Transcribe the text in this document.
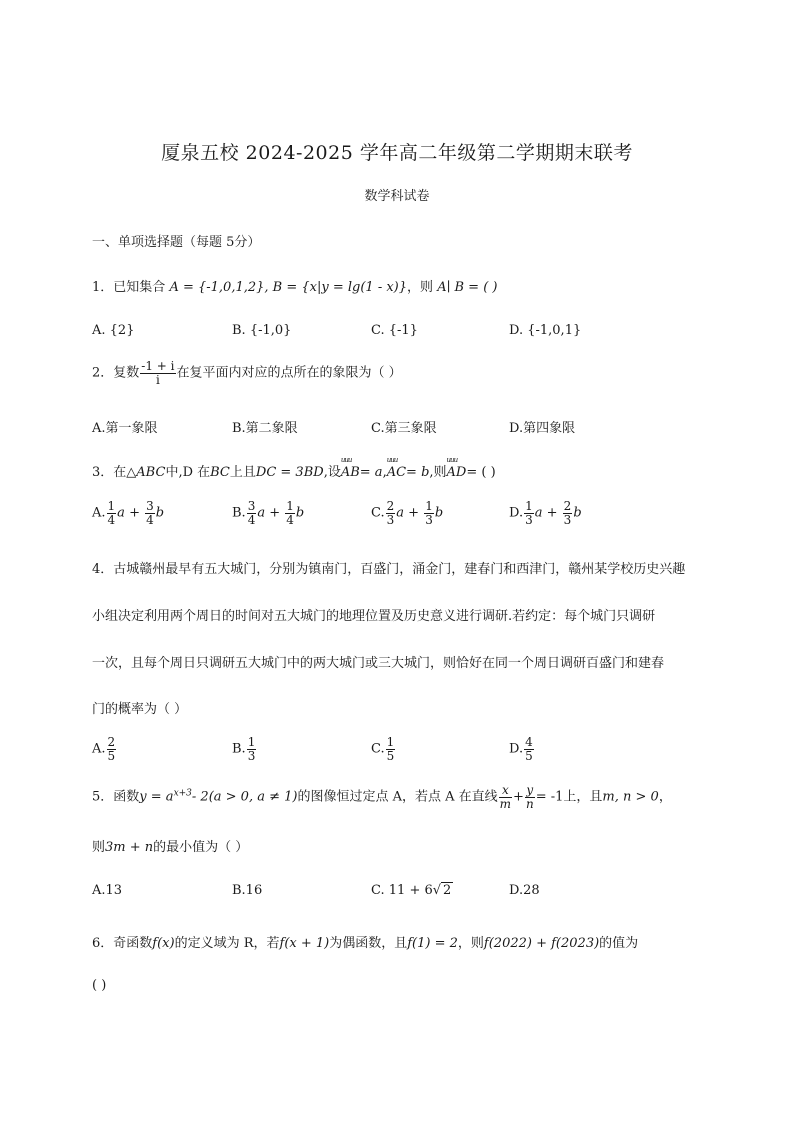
厦泉五校 2024-2025 学年高二年级第二学期期末联考
数学科试卷
一、单项选择题（每题 5分）
1．已知集合 A = {-1,0,1,2}, B = {x|y = lg(1 - x)}，则 A∣ B = ( )
A. {2}	B. {-1,0}	C. {-1}	D. {-1,0,1}
2．复数 $\frac{-1 + i}{i}$ 在复平面内对应的点所在的象限为（ ）
A.第一象限	B.第二象限	C.第三象限	D.第四象限
3．在△ABC中,D 在BC上且DC = 3BD,设uuu AB= a,uuu AC= b,则uuu AD= ( )
A. $\frac{1}{4}$ $a + \frac{3}{4}$ b	B. $\frac{3}{4}$ $a + \frac{1}{4}$ b	C. $\frac{2}{3}$ $a + \frac{1}{3}$ b	D. $\frac{1}{3}$ $a + \frac{2}{3}$ b
4．古城赣州最早有五大城门，分别为镇南门，百盛门，涌金门，建春门和西津门，赣州某学校历史兴趣
小组决定利用两个周日的时间对五大城门的地理位置及历史意义进行调研.若约定：每个城门只调研
一次，且每个周日只调研五大城门中的两大城门或三大城门，则恰好在同一个周日调研百盛门和建春
门的概率为（ ）
A. $\frac{2}{5}$	B. $\frac{1}{3}$	C. $\frac{1}{5}$	D. $\frac{4}{5}$
5．函数$y = a^{x+3}-$ 2(a > 0, a ≠ 1)的图像恒过定点 A，若点 A 在直线 $\frac{x}{m} + \frac{y}{n} = -1$上，且m, n > 0，
则3m + n的最小值为（ ）
A.13	B.16	C. 11 + 6√ 2	D.28
6．奇函数f(x)的定义域为 R，若f(x + 1)为偶函数，且f(1) = 2，则f(2022) + f(2023)的值为
( )
